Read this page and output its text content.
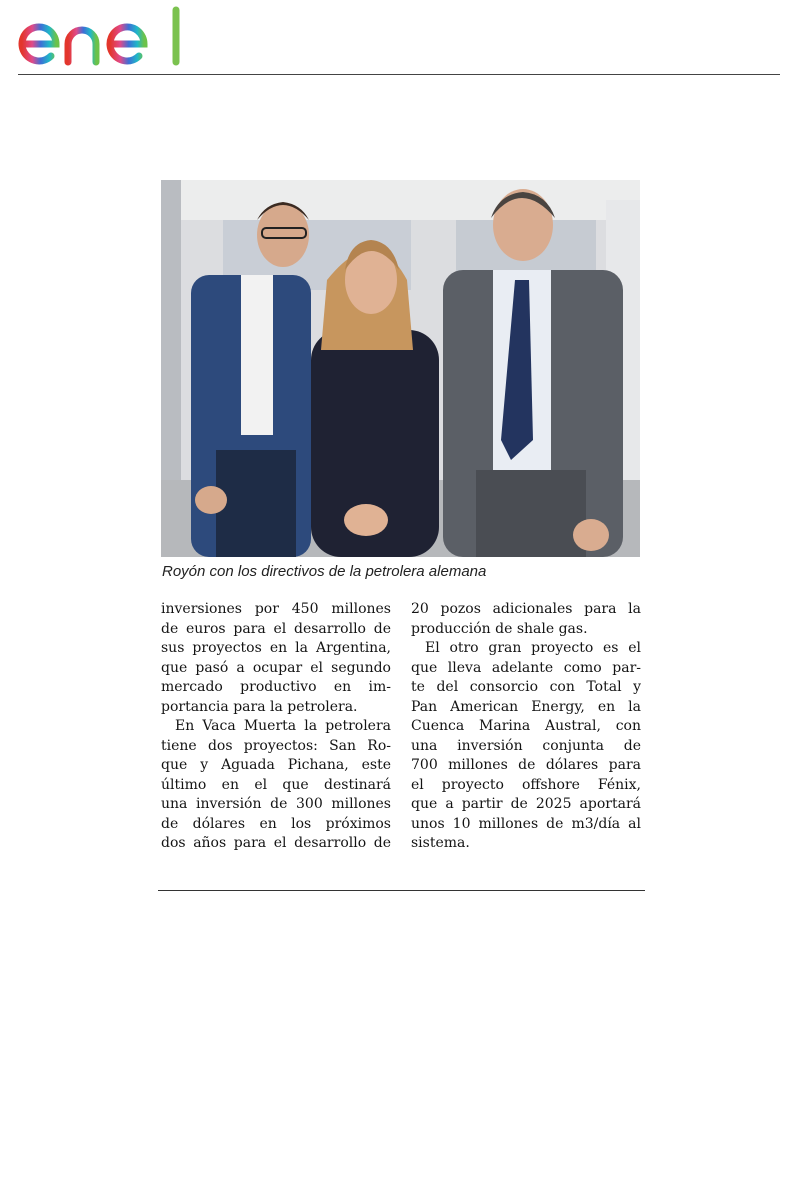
Royón con los directivos de la petrolera alemana
inversiones por 450 millones
de euros para el desarrollo de
sus proyectos en la Argentina,
que pasó a ocupar el segundo
mercado productivo en im-
portancia para la petrolera.
En Vaca Muerta la petrolera
tiene dos proyectos: San Ro-
que y Aguada Pichana, este
último en el que destinará
una inversión de 300 millones
de dólares en los próximos
dos años para el desarrollo de
20 pozos adicionales para la
producción de shale gas.
El otro gran proyecto es el
que lleva adelante como par-
te del consorcio con Total y
Pan American Energy, en la
Cuenca Marina Austral, con
una inversión conjunta de
700 millones de dólares para
el proyecto offshore Fénix,
que a partir de 2025 aportará
unos 10 millones de m3/día al
sistema.
